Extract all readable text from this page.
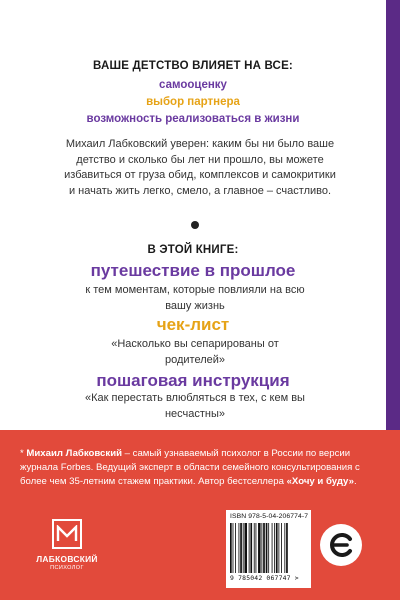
ВАШЕ ДЕТСТВО ВЛИЯЕТ НА ВСЕ:
самооценку
выбор партнера
возможность реализоваться в жизни
Михаил Лабковский уверен: каким бы ни было ваше детство и сколько бы лет ни прошло, вы можете избавиться от груза обид, комплексов и самокритики и начать жить легко, смело, а главное – счастливо.
В ЭТОЙ КНИГЕ:
путешествие в прошлое
к тем моментам, которые повлияли на всю вашу жизнь
чек-лист
«Насколько вы сепарированы от родителей»
пошаговая инструкция
«Как перестать влюбляться в тех, с кем вы несчастны»
* Михаил Лабковский – самый узнаваемый психолог в России по версии журнала Forbes. Ведущий эксперт в области семейного консультирования с более чем 35-летним стажем практики. Автор бестселлера «Хочу и буду».
ЛАБКОВСКИЙ
ПСИХОЛОГ
ISBN 978-5-04-206774-7
9 785042 067747 >
